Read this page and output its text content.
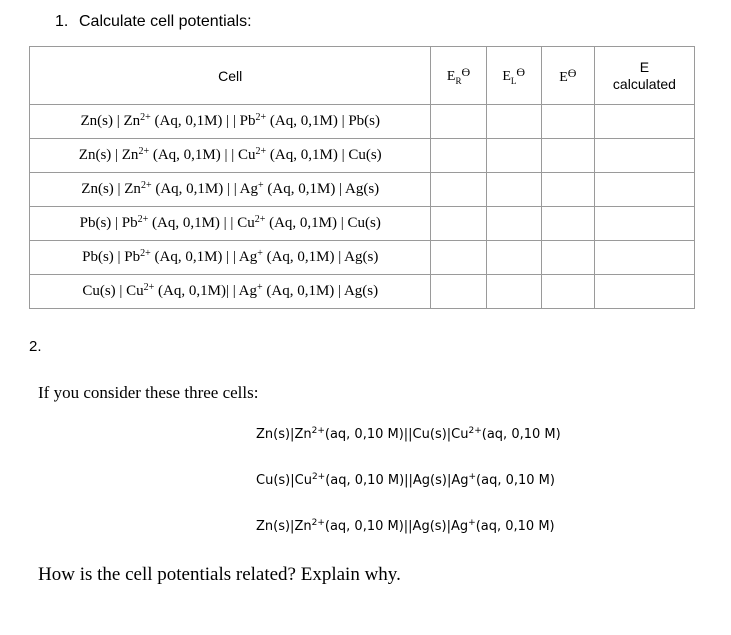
1. Calculate cell potentials:
Cell	$E_Rϴ$	$E_Lϴ$	Eϴ	E
calculated

Zn(s) | $Zn^{2+}$ (Aq, 0,1M) | | $Pb^{2+}$ (Aq, 0,1M) | Pb(s)				
Zn(s) | $Zn^{2+}$ (Aq, 0,1M) | | $Cu^{2+}$ (Aq, 0,1M) | Cu(s)				
Zn(s) | $Zn^{2+}$ (Aq, 0,1M) | | Ag+ (Aq, 0,1M) | Ag(s)				
Pb(s) | $Pb^{2+}$ (Aq, 0,1M) | | $Cu^{2+}$ (Aq, 0,1M) | Cu(s)				
Pb(s) | $Pb^{2+}$ (Aq, 0,1M) | | Ag+ (Aq, 0,1M) | Ag(s)				
Cu(s) | $Cu^{2+}$ (Aq, 0,1M)| | Ag+ (Aq, 0,1M) | Ag(s)				
2.
If you consider these three cells:
$Zn(s)|Zn^{2+}(aq$, 0,10 $M)||Cu(s)|Cu^{2+}(aq$, 0,10 M)
$Cu(s)|Cu^{2+}(aq$, 0,10 M)||Ag(s)|Ag+(aq, 0,10 M)
$Zn(s)|Zn^{2+}(aq$, 0,10 M)||Ag(s)|Ag+(aq, 0,10 M)
How is the cell potentials related? Explain why.
